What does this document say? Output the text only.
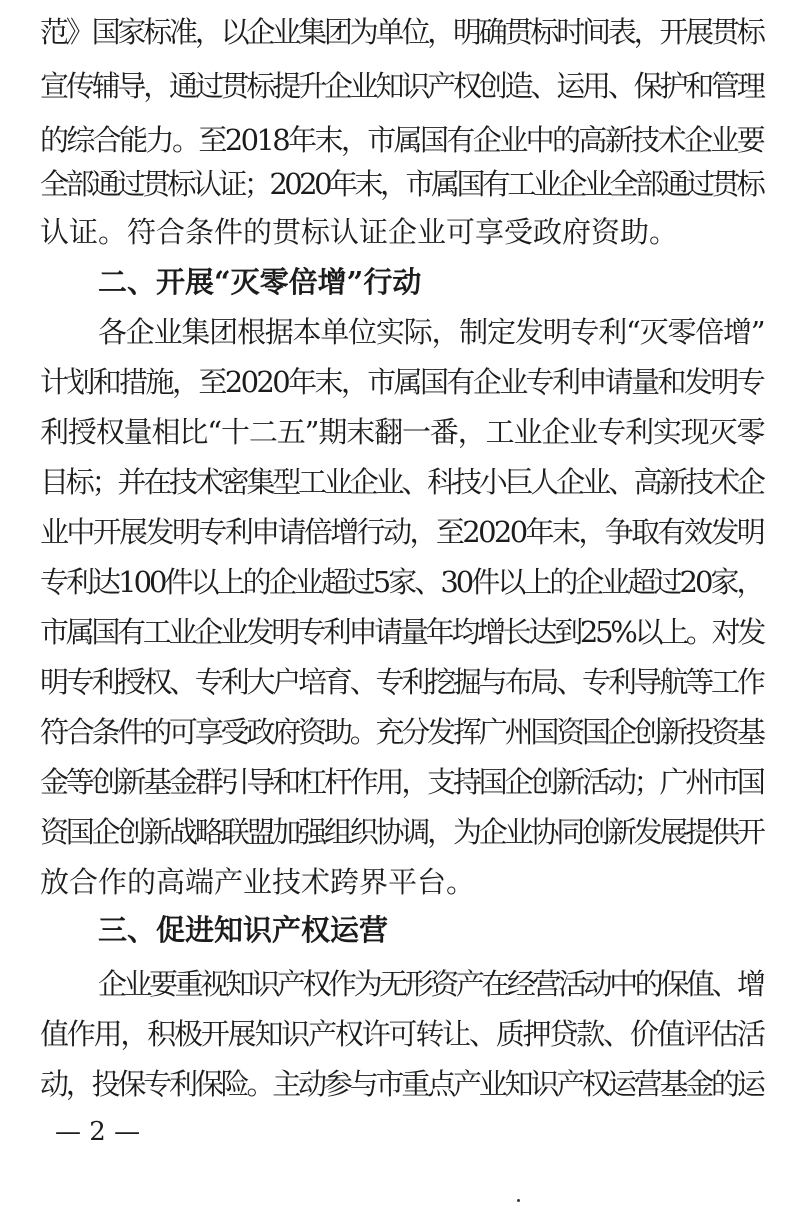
范》国家标准，以企业集团为单位，明确贯标时间表，开展贯标
宣传辅导，通过贯标提升企业知识产权创造、运用、保护和管理
的综合能力。至2018年末，市属国有企业中的高新技术企业要
全部通过贯标认证；2020年末，市属国有工业企业全部通过贯标
认证。符合条件的贯标认证企业可享受政府资助。
二、开展“灭零倍增”行动
各企业集团根据本单位实际，制定发明专利“灭零倍增”
计划和措施，至2020年末，市属国有企业专利申请量和发明专
利授权量相比“十二五”期末翻一番，工业企业专利实现灭零
目标；并在技术密集型工业企业、科技小巨人企业、高新技术企
业中开展发明专利申请倍增行动，至2020年末，争取有效发明
专利达100件以上的企业超过5家、30件以上的企业超过20家，
市属国有工业企业发明专利申请量年均增长达到25%以上。对发
明专利授权、专利大户培育、专利挖掘与布局、专利导航等工作
符合条件的可享受政府资助。充分发挥广州国资国企创新投资基
金等创新基金群引导和杠杆作用，支持国企创新活动；广州市国
资国企创新战略联盟加强组织协调，为企业协同创新发展提供开
放合作的高端产业技术跨界平台。
三、促进知识产权运营
企业要重视知识产权作为无形资产在经营活动中的保值、增
值作用，积极开展知识产权许可转让、质押贷款、价值评估活
动，投保专利保险。主动参与市重点产业知识产权运营基金的运
— 2 —
